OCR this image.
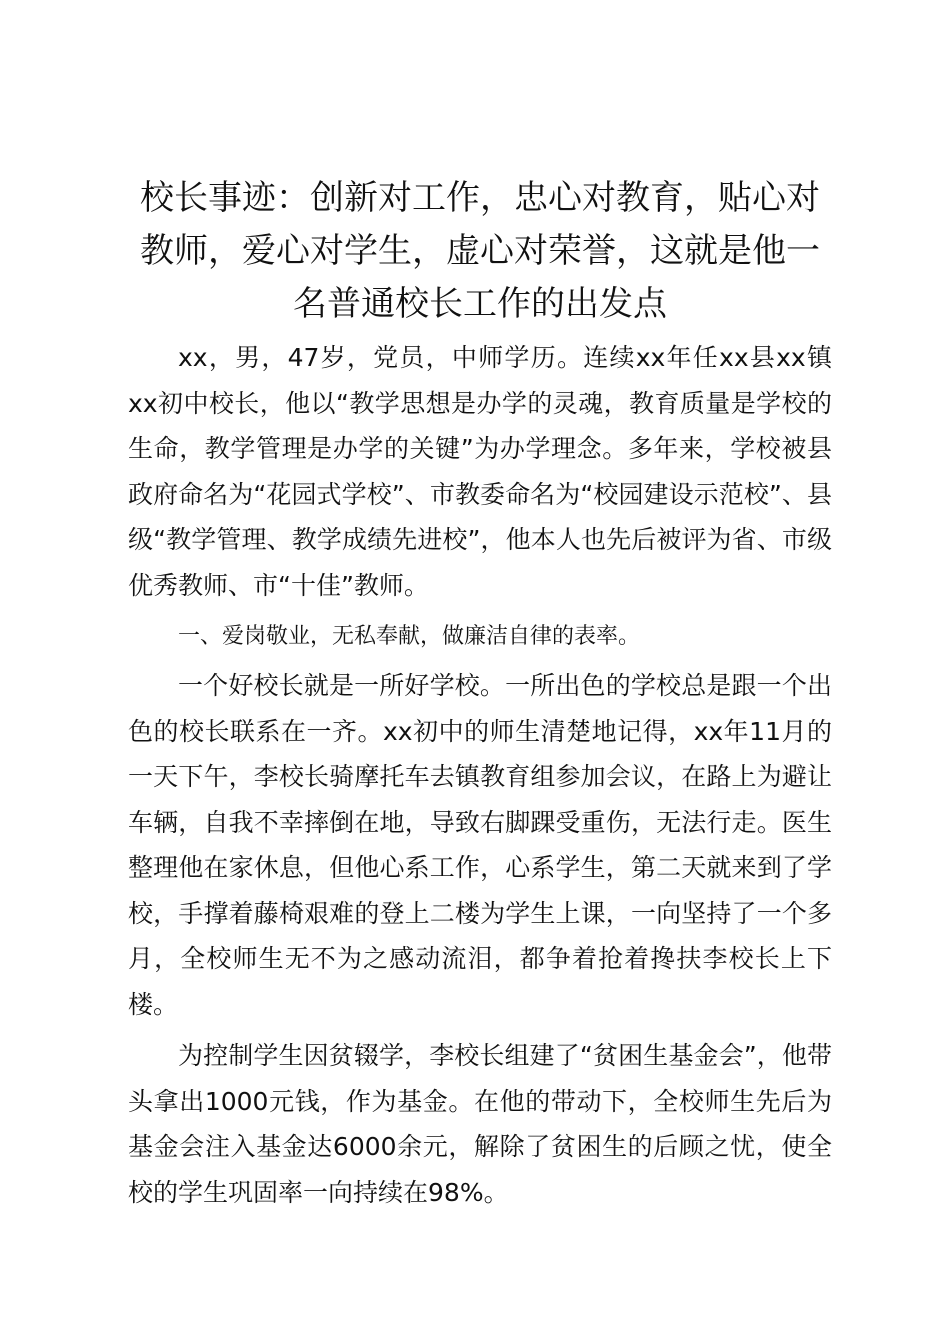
校长事迹：创新对工作，忠心对教育，贴心对教师，爱心对学生，虚心对荣誉，这就是他一名普通校长工作的出发点

xx，男，47岁，党员，中师学历。连续xx年任xx县xx镇xx初中校长，他以“教学思想是办学的灵魂，教育质量是学校的生命，教学管理是办学的关键”为办学理念。多年来，学校被县政府命名为“花园式学校”、市教委命名为“校园建设示范校”、县级“教学管理、教学成绩先进校”，他本人也先后被评为省、市级优秀教师、市“十佳”教师。

一、爱岗敬业，无私奉献，做廉洁自律的表率。

一个好校长就是一所好学校。一所出色的学校总是跟一个出色的校长联系在一齐。xx初中的师生清楚地记得，xx年11月的一天下午，李校长骑摩托车去镇教育组参加会议，在路上为避让车辆，自我不幸摔倒在地，导致右脚踝受重伤，无法行走。医生整理他在家休息，但他心系工作，心系学生，第二天就来到了学校，手撑着藤椅艰难的登上二楼为学生上课，一向坚持了一个多月，全校师生无不为之感动流泪，都争着抢着搀扶李校长上下楼。

为控制学生因贫辍学，李校长组建了“贫困生基金会”，他带头拿出1000元钱，作为基金。在他的带动下，全校师生先后为基金会注入基金达6000余元，解除了贫困生的后顾之忧，使全校的学生巩固率一向持续在98%。
